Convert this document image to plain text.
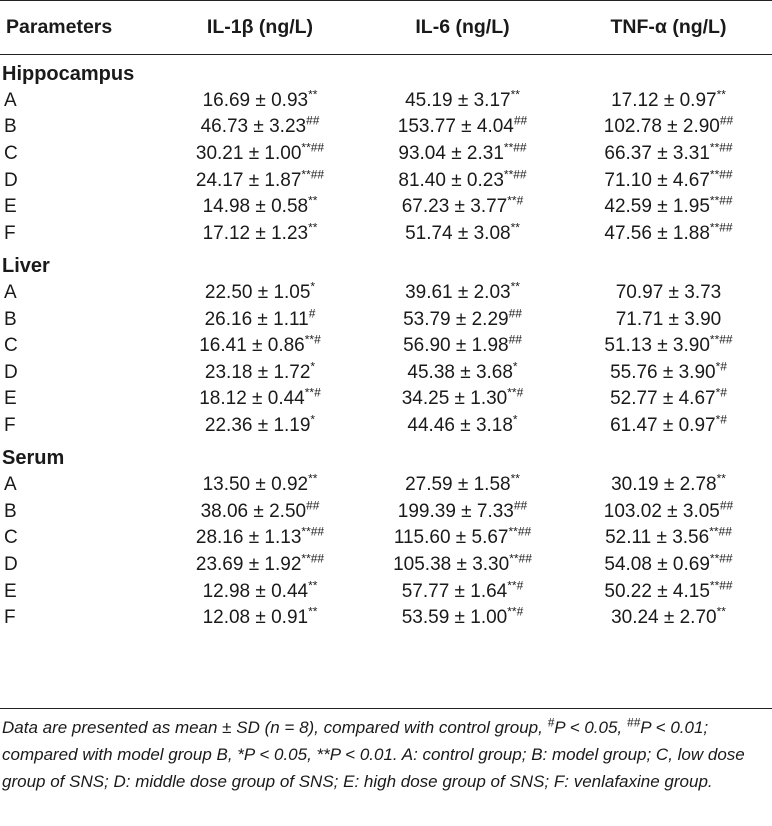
Parameters	IL-1β (ng/L)	IL-6 (ng/L)	TNF-α (ng/L)
Hippocampus			
A	16.69 ± 0.93**	45.19 ± 3.17**	17.12 ± 0.97**
B	46.73 ± 3.23##	153.77 ± 4.04##	102.78 ± 2.90##
C	30.21 ± 1.00**##	93.04 ± 2.31**##	66.37 ± 3.31**##
D	24.17 ± 1.87**##	81.40 ± 0.23**##	71.10 ± 4.67**##
E	14.98 ± 0.58**	67.23 ± 3.77**#	42.59 ± 1.95**##
F	17.12 ± 1.23**	51.74 ± 3.08**	47.56 ± 1.88**##
Liver			
A	22.50 ± 1.05*	39.61 ± 2.03**	70.97 ± 3.73
B	26.16 ± 1.11#	53.79 ± 2.29##	71.71 ± 3.90
C	16.41 ± 0.86**#	56.90 ± 1.98##	51.13 ± 3.90**##
D	23.18 ± 1.72*	45.38 ± 3.68*	55.76 ± 3.90*#
E	18.12 ± 0.44**#	34.25 ± 1.30**#	52.77 ± 4.67*#
F	22.36 ± 1.19*	44.46 ± 3.18*	61.47 ± 0.97*#
Serum			
A	13.50 ± 0.92**	27.59 ± 1.58**	30.19 ± 2.78**
B	38.06 ± 2.50##	199.39 ± 7.33##	103.02 ± 3.05##
C	28.16 ± 1.13**##	115.60 ± 5.67**##	52.11 ± 3.56**##
D	23.69 ± 1.92**##	105.38 ± 3.30**##	54.08 ± 0.69**##
E	12.98 ± 0.44**	57.77 ± 1.64**#	50.22 ± 4.15**##
F	12.08 ± 0.91**	53.59 ± 1.00**#	30.24 ± 2.70**
Data are presented as mean ± SD (n = 8), compared with control group, #P < 0.05, ##P < 0.01; compared with model group B, *P < 0.05, **P < 0.01. A: control group; B: model group; C, low dose group of SNS; D: middle dose group of SNS; E: high dose group of SNS; F: venlafaxine group.
